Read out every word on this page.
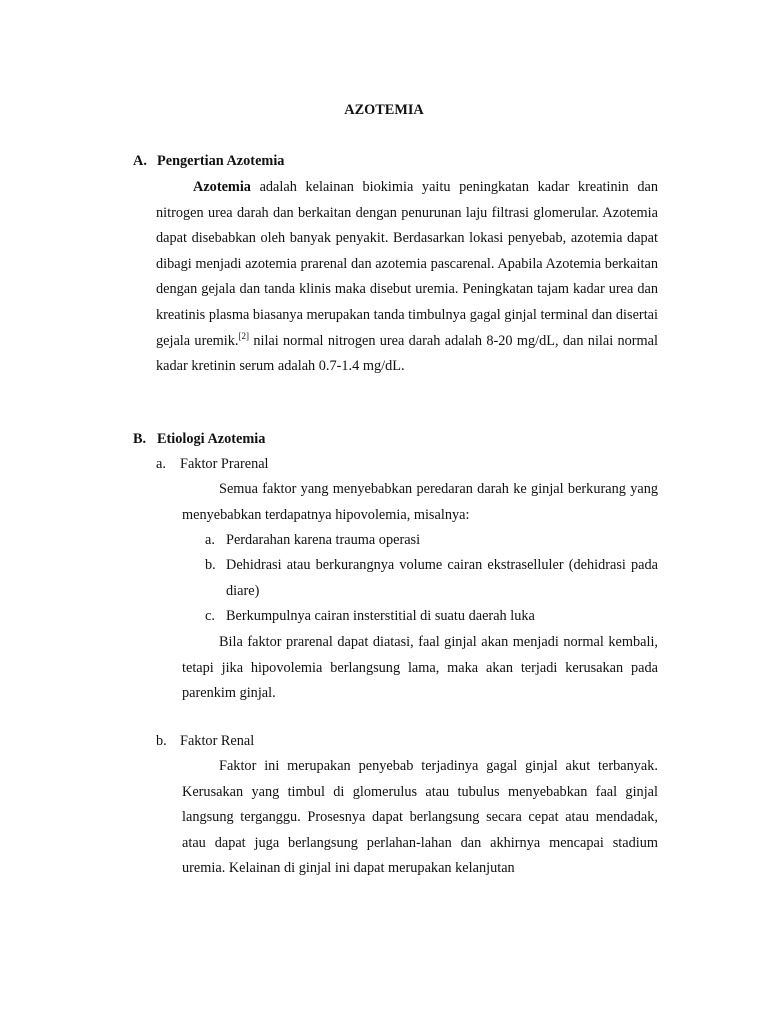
AZOTEMIA
A. Pengertian Azotemia

Azotemia adalah kelainan biokimia yaitu peningkatan kadar kreatinin dan nitrogen urea darah dan berkaitan dengan penurunan laju filtrasi glomerular. Azotemia dapat disebabkan oleh banyak penyakit. Berdasarkan lokasi penyebab, azotemia dapat dibagi menjadi azotemia prarenal dan azotemia pascarenal. Apabila Azotemia berkaitan dengan gejala dan tanda klinis maka disebut uremia. Peningkatan tajam kadar urea dan kreatinis plasma biasanya merupakan tanda timbulnya gagal ginjal terminal dan disertai gejala uremik.[2] nilai normal nitrogen urea darah adalah 8-20 mg/dL, dan nilai normal kadar kretinin serum adalah 0.7-1.4 mg/dL.

B. Etiologi Azotemia
a. Faktor Prarenal

Semua faktor yang menyebabkan peredaran darah ke ginjal berkurang yang menyebabkan terdapatnya hipovolemia, misalnya:

a. Perdarahan karena trauma operasi
b. Dehidrasi atau berkurangnya volume cairan ekstraselluler (dehidrasi pada diare)
c. Berkumpulnya cairan insterstitial di suatu daerah luka

Bila faktor prarenal dapat diatasi, faal ginjal akan menjadi normal kembali, tetapi jika hipovolemia berlangsung lama, maka akan terjadi kerusakan pada parenkim ginjal.

b. Faktor Renal

Faktor ini merupakan penyebab terjadinya gagal ginjal akut terbanyak. Kerusakan yang timbul di glomerulus atau tubulus menyebabkan faal ginjal langsung terganggu. Prosesnya dapat berlangsung secara cepat atau mendadak, atau dapat juga berlangsung perlahan-lahan dan akhirnya mencapai stadium uremia. Kelainan di ginjal ini dapat merupakan kelanjutan
